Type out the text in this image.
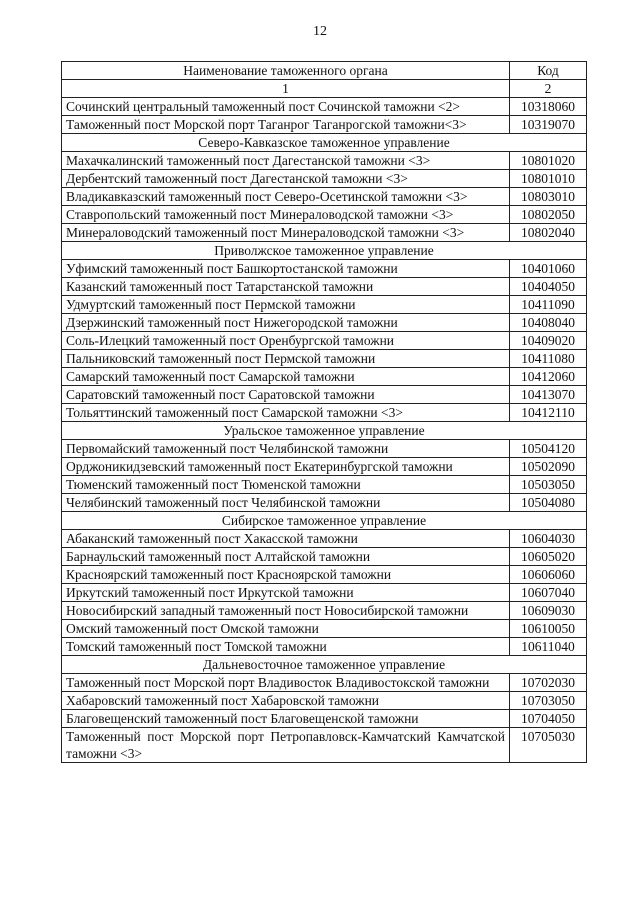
12
Наименование таможенного органа	Код
1	2
Сочинский центральный таможенный пост Сочинской таможни <2>	10318060
Таможенный пост Морской порт Таганрог Таганрогской таможни<3>	10319070
Северо-Кавказское таможенное управление	
Махачкалинский таможенный пост Дагестанской таможни <3>	10801020
Дербентский таможенный пост Дагестанской таможни <3>	10801010
Владикавказский таможенный пост Северо-Осетинской таможни <3>	10803010
Ставропольский таможенный пост Минераловодской таможни <3>	10802050
Минераловодский таможенный пост Минераловодской таможни <3>	10802040
Приволжское таможенное управление	
Уфимский таможенный пост Башкортостанской таможни	10401060
Казанский таможенный пост Татарстанской таможни	10404050
Удмуртский таможенный пост Пермской таможни	10411090
Дзержинский таможенный пост Нижегородской таможни	10408040
Соль-Илецкий таможенный пост Оренбургской таможни	10409020
Пальниковский таможенный пост Пермской таможни	10411080
Самарский таможенный пост Самарской таможни	10412060
Саратовский таможенный пост Саратовской таможни	10413070
Тольяттинский таможенный пост Самарской таможни <3>	10412110
Уральское таможенное управление	
Первомайский таможенный пост Челябинской таможни	10504120
Орджоникидзевский таможенный пост Екатеринбургской таможни	10502090
Тюменский таможенный пост Тюменской таможни	10503050
Челябинский таможенный пост Челябинской таможни	10504080
Сибирское таможенное управление	
Абаканский таможенный пост Хакасской таможни	10604030
Барнаульский таможенный пост Алтайской таможни	10605020
Красноярский таможенный пост Красноярской таможни	10606060
Иркутский таможенный пост Иркутской таможни	10607040
Новосибирский западный таможенный пост Новосибирской таможни	10609030
Омский таможенный пост Омской таможни	10610050
Томский таможенный пост Томской таможни	10611040
Дальневосточное таможенное управление	
Таможенный пост Морской порт Владивосток Владивостокской таможни	10702030
Хабаровский таможенный пост Хабаровской таможни	10703050
Благовещенский таможенный пост Благовещенской таможни	10704050
Таможенный пост Морской порт Петропавловск-Камчатский Камчатской таможни <3>	10705030
